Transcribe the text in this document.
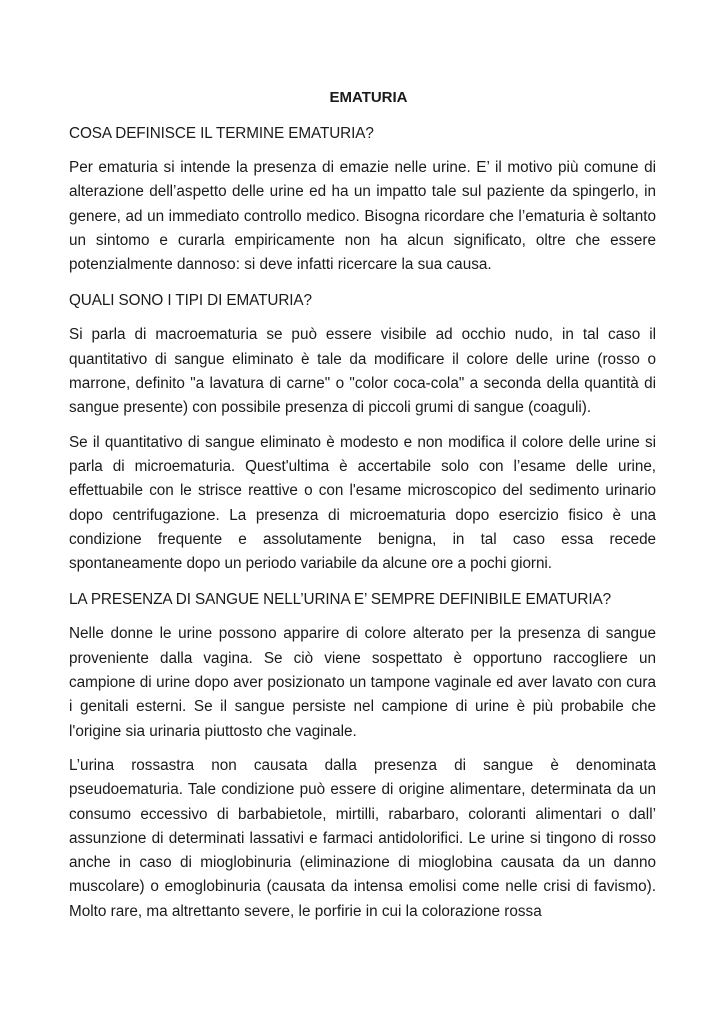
EMATURIA
COSA DEFINISCE IL TERMINE EMATURIA?

Per ematuria si intende la presenza di emazie nelle urine. E’ il motivo più comune di alterazione dell’aspetto delle urine ed ha un impatto tale sul paziente da spingerlo, in genere, ad un immediato controllo medico. Bisogna ricordare che l’ematuria è soltanto un sintomo e curarla empiricamente non ha alcun significato, oltre che essere potenzialmente dannoso: si deve infatti ricercare la sua causa.

QUALI SONO I TIPI DI EMATURIA?

Si parla di macroematuria se può essere visibile ad occhio nudo, in tal caso il quantitativo di sangue eliminato è tale da modificare il colore delle urine (rosso o marrone, definito "a lavatura di carne" o "color coca-cola" a seconda della quantità di sangue presente) con possibile presenza di piccoli grumi di sangue (coaguli).

Se il quantitativo di sangue eliminato è modesto e non modifica il colore delle urine si parla di microematuria. Quest'ultima è accertabile solo con l’esame delle urine, effettuabile con le strisce reattive o con l'esame microscopico del sedimento urinario dopo centrifugazione. La presenza di microematuria dopo esercizio fisico è una condizione frequente e assolutamente benigna, in tal caso essa recede spontaneamente dopo un periodo variabile da alcune ore a pochi giorni.

LA PRESENZA DI SANGUE NELL’URINA E’ SEMPRE DEFINIBILE EMATURIA?

Nelle donne le urine possono apparire di colore alterato per la presenza di sangue proveniente dalla vagina. Se ciò viene sospettato è opportuno raccogliere un campione di urine dopo aver posizionato un tampone vaginale ed aver lavato con cura i genitali esterni. Se il sangue persiste nel campione di urine è più probabile che l'origine sia urinaria piuttosto che vaginale.

L’urina rossastra non causata dalla presenza di sangue è denominata pseudoematuria. Tale condizione può essere di origine alimentare, determinata da un consumo eccessivo di barbabietole, mirtilli, rabarbaro, coloranti alimentari o dall’ assunzione di determinati lassativi e farmaci antidolorifici. Le urine si tingono di rosso anche in caso di mioglobinuria (eliminazione di mioglobina causata da un danno muscolare) o emoglobinuria (causata da intensa emolisi come nelle crisi di favismo). Molto rare, ma altrettanto severe, le porfirie in cui la colorazione rossa
